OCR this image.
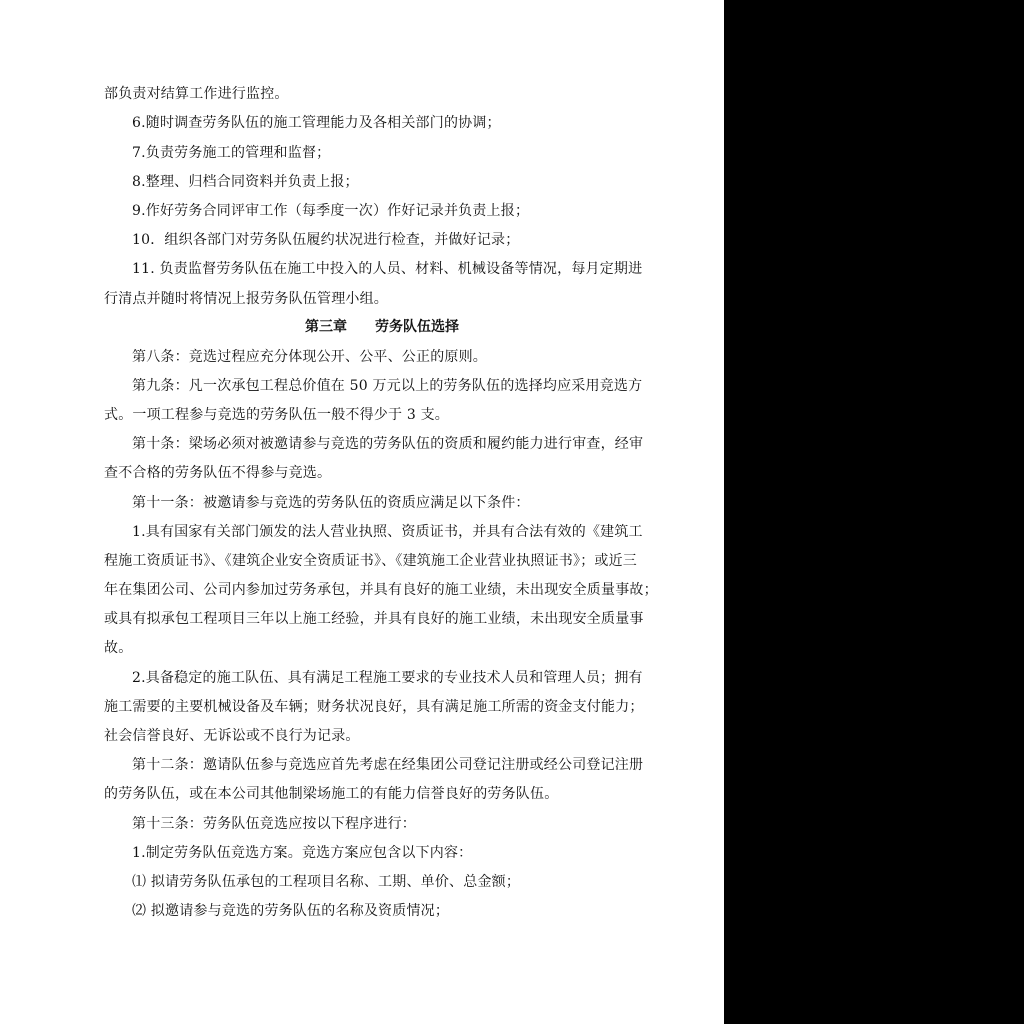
部负责对结算工作进行监控。
6.随时调查劳务队伍的施工管理能力及各相关部门的协调；
7.负责劳务施工的管理和监督；
8.整理、归档合同资料并负责上报；
9.作好劳务合同评审工作（每季度一次）作好记录并负责上报；
10．组织各部门对劳务队伍履约状况进行检查，并做好记录；
11. 负责监督劳务队伍在施工中投入的人员、材料、机械设备等情况，每月定期进
行清点并随时将情况上报劳务队伍管理小组。
第三章　　劳务队伍选择
第八条：竞选过程应充分体现公开、公平、公正的原则。
第九条：凡一次承包工程总价值在 50 万元以上的劳务队伍的选择均应采用竞选方
式。一项工程参与竞选的劳务队伍一般不得少于 3 支。
第十条：梁场必须对被邀请参与竞选的劳务队伍的资质和履约能力进行审查，经审
查不合格的劳务队伍不得参与竞选。
第十一条：被邀请参与竞选的劳务队伍的资质应满足以下条件：
1.具有国家有关部门颁发的法人营业执照、资质证书，并具有合法有效的《建筑工
程施工资质证书》、《建筑企业安全资质证书》、《建筑施工企业营业执照证书》；或近三
年在集团公司、公司内参加过劳务承包，并具有良好的施工业绩，未出现安全质量事故；
或具有拟承包工程项目三年以上施工经验，并具有良好的施工业绩，未出现安全质量事
故。
2.具备稳定的施工队伍、具有满足工程施工要求的专业技术人员和管理人员；拥有
施工需要的主要机械设备及车辆；财务状况良好，具有满足施工所需的资金支付能力；
社会信誉良好、无诉讼或不良行为记录。
第十二条：邀请队伍参与竞选应首先考虑在经集团公司登记注册或经公司登记注册
的劳务队伍，或在本公司其他制梁场施工的有能力信誉良好的劳务队伍。
第十三条：劳务队伍竞选应按以下程序进行：
1.制定劳务队伍竞选方案。竞选方案应包含以下内容：
⑴ 拟请劳务队伍承包的工程项目名称、工期、单价、总金额；
⑵ 拟邀请参与竞选的劳务队伍的名称及资质情况；
